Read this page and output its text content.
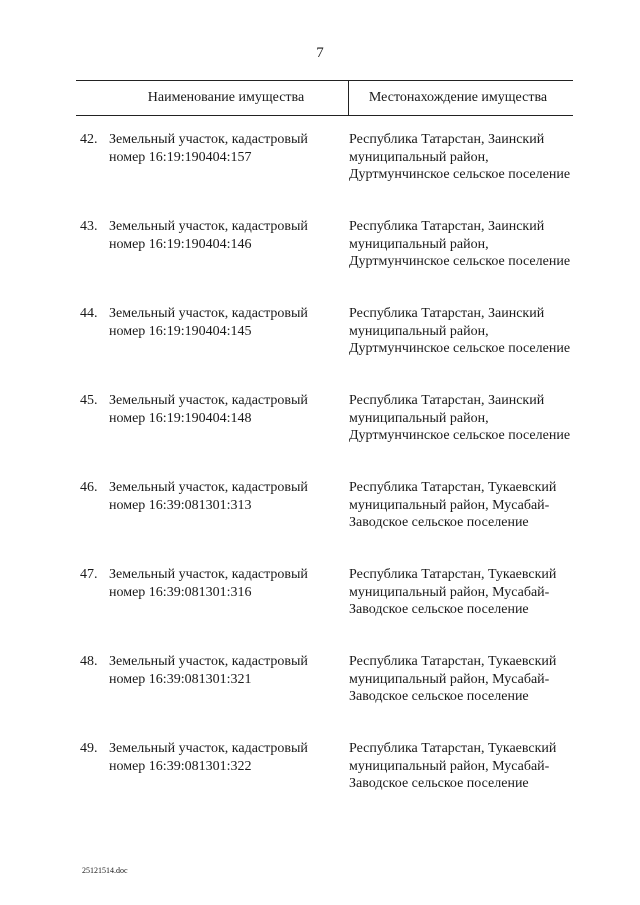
7
Наименование имущества	Местонахождение имущества
42. Земельный участок, кадастровый номер 16:19:190404:157
Республика Татарстан, Заинский муниципальный район, Дуртмунчинское сельское поселение
43. Земельный участок, кадастровый номер 16:19:190404:146
Республика Татарстан, Заинский муниципальный район, Дуртмунчинское сельское поселение
44. Земельный участок, кадастровый номер 16:19:190404:145
Республика Татарстан, Заинский муниципальный район, Дуртмунчинское сельское поселение
45. Земельный участок, кадастровый номер 16:19:190404:148
Республика Татарстан, Заинский муниципальный район, Дуртмунчинское сельское поселение
46. Земельный участок, кадастровый номер 16:39:081301:313
Республика Татарстан, Тукаевский муниципальный район, Мусабай-Заводское сельское поселение
47. Земельный участок, кадастровый номер 16:39:081301:316
Республика Татарстан, Тукаевский муниципальный район, Мусабай-Заводское сельское поселение
48. Земельный участок, кадастровый номер 16:39:081301:321
Республика Татарстан, Тукаевский муниципальный район, Мусабай-Заводское сельское поселение
49. Земельный участок, кадастровый номер 16:39:081301:322
Республика Татарстан, Тукаевский муниципальный район, Мусабай-Заводское сельское поселение
25121514.doc
